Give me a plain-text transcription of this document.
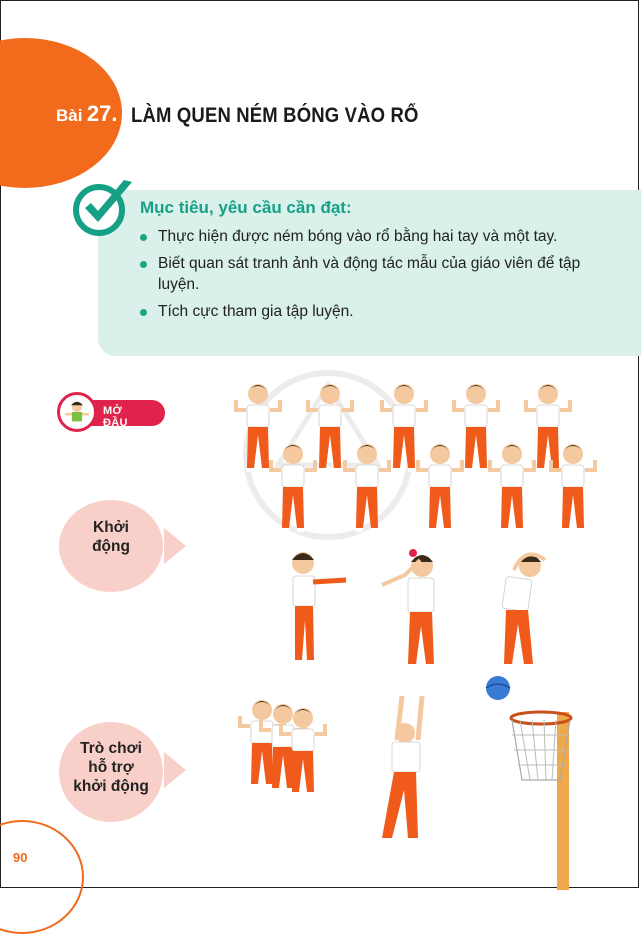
Bài 27. LÀM QUEN NÉM BÓNG VÀO RỔ
Mục tiêu, yêu cầu cần đạt:
Thực hiện được ném bóng vào rổ bằng hai tay và một tay.
Biết quan sát tranh ảnh và động tác mẫu của giáo viên để tập luyện.
Tích cực tham gia tập luyện.
MỞ ĐẦU
Khởi
động
Trò chơi
hỗ trợ
khởi động
90
